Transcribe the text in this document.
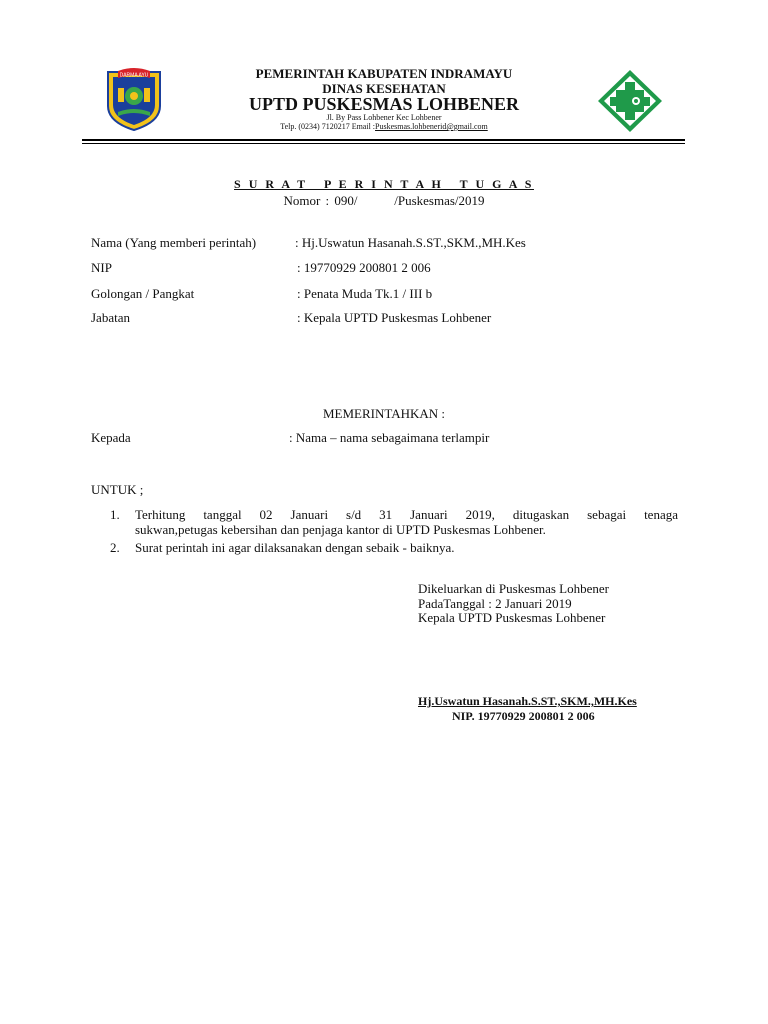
DARMA AYU	PEMERINTAH KABUPATEN INDRAMAYU
DINAS KESEHATAN
UPTD PUSKESMAS LOHBENER
Jl. By Pass Lohbener Kec Lohbener
Telp. (0234) 7120217 Email :Puskesmas.lohbenerid@gmail.com
S U R A T   P E R I N T A H   T U G A S
Nomor : 090/       /Puskesmas/2019
Nama (Yang memberi perintah)	: Hj.Uswatun Hasanah.S.ST.,SKM.,MH.Kes
NIP	: 19770929 200801 2 006
Golongan / Pangkat	: Penata Muda Tk.1 / III b
Jabatan	: Kepala UPTD Puskesmas Lohbener
MEMERINTAHKAN :
Kepada	: Nama – nama sebagaimana terlampir
UNTUK ;
1. Terhitung tanggal 02 Januari s/d 31 Januari 2019, ditugaskan sebagai tenaga
sukwan,petugas kebersihan dan penjaga kantor di UPTD Puskesmas Lohbener.
2. Surat perintah ini agar dilaksanakan dengan sebaik - baiknya.
Dikeluarkan di Puskesmas Lohbener
PadaTanggal : 2 Januari 2019
Kepala UPTD Puskesmas Lohbener
Hj.Uswatun Hasanah.S.ST.,SKM.,MH.Kes
NIP. 19770929 200801 2 006
